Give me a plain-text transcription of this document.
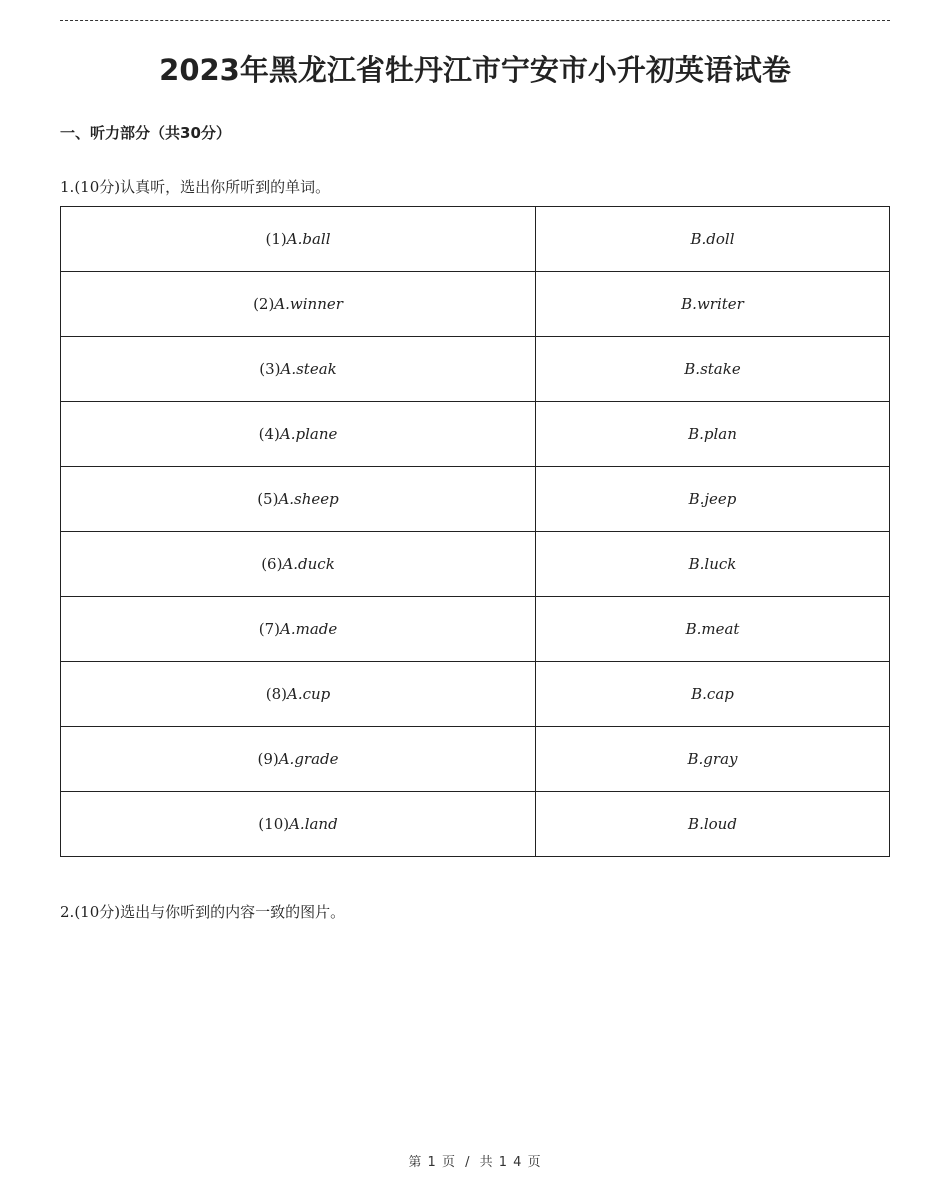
2023年黑龙江省牡丹江市宁安市小升初英语试卷

一、听力部分（共30分）

1.(10分)认真听，选出你所听到的单词。

(1)A.ball	B.doll
(2)A.winner	B.writer
(3)A.steak	B.stake
(4)A.plane	B.plan
(5)A.sheep	B.jeep
(6)A.duck	B.luck
(7)A.made	B.meat
(8)A.cup	B.cap
(9)A.grade	B.gray
(10)A.land	B.loud

2.(10分)选出与你听到的内容一致的图片。

第 1 页 / 共 1 4 页
